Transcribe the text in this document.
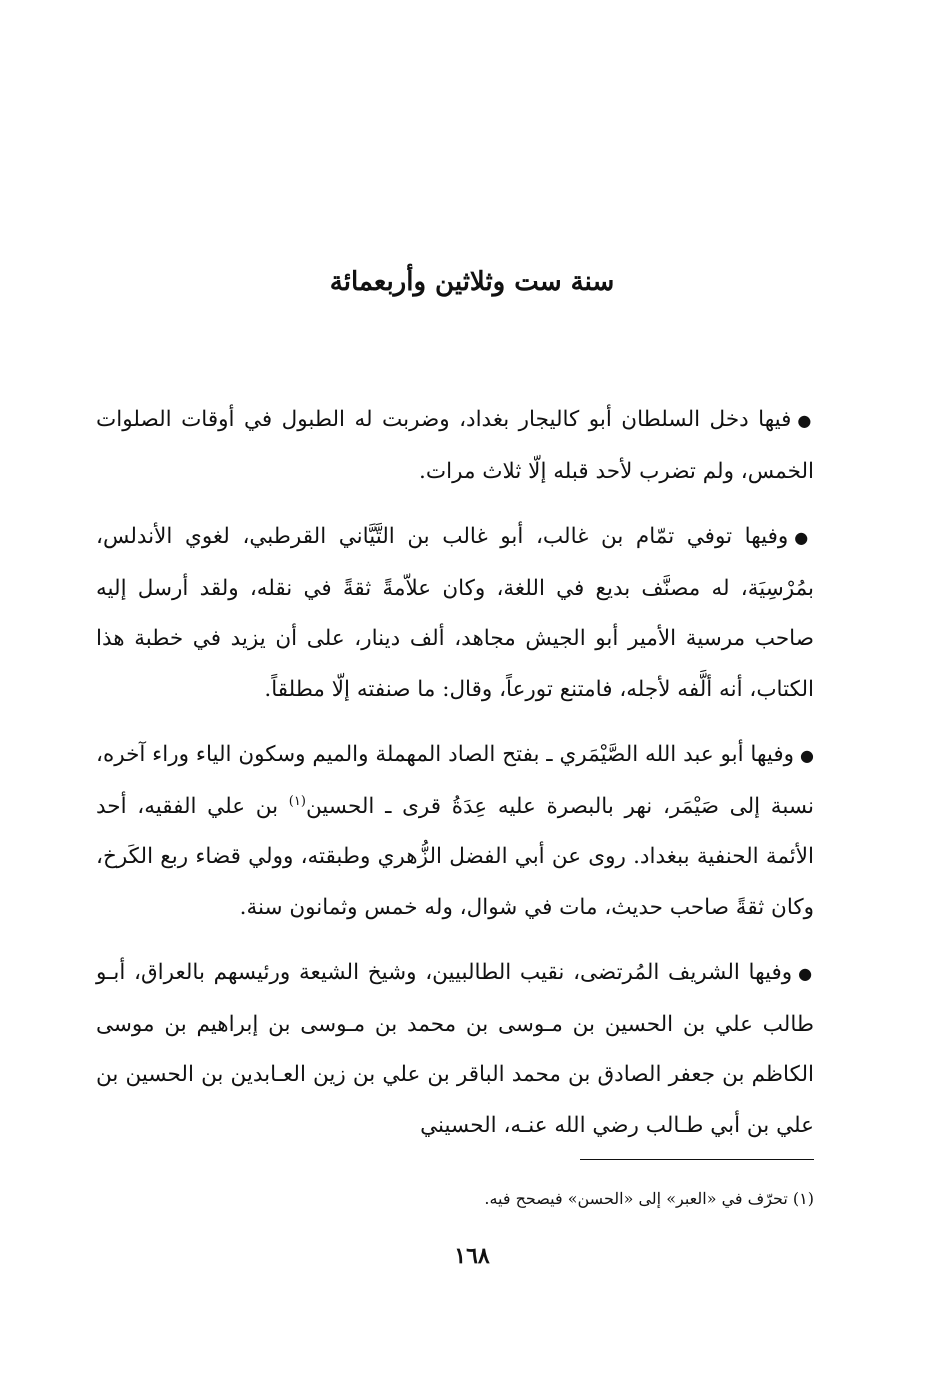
سنة ست وثلاثين وأربعمائة

●فيها دخل السلطان أبو كاليجار بغداد، وضربت له الطبول في أوقات الصلوات الخمس، ولم تضرب لأحد قبله إلّا ثلاث مرات.

●وفيها توفي تمّام بن غالب، أبو غالب بن التَّيَّاني القرطبي، لغوي الأندلس، بمُرْسِيَة، له مصنَّف بديع في اللغة، وكان علاّمةً ثقةً في نقله، ولقد أرسل إليه صاحب مرسية الأمير أبو الجيش مجاهد، ألف دينار، على أن يزيد في خطبة هذا الكتاب، أنه ألَّفه لأجله، فامتنع تورعاً، وقال: ما صنفته إلّا مطلقاً.

●وفيها أبو عبد الله الصَّيْمَري ـ بفتح الصاد المهملة والميم وسكون الياء وراء آخره، نسبة إلى صَيْمَر، نهر بالبصرة عليه عِدَةُ قرى ـ الحسين$^{(١)}$ بن علي الفقيه، أحد الأئمة الحنفية ببغداد. روى عن أبي الفضل الزُّهري وطبقته، وولي قضاء ربع الكَرخ، وكان ثقةً صاحب حديث، مات في شوال، وله خمس وثمانون سنة.

●وفيها الشريف المُرتضى، نقيب الطالبيين، وشيخ الشيعة ورئيسهم بالعراق، أبـو طالب علي بن الحسين بن مـوسى بن محمد بن مـوسى بن إبراهيم بن موسى الكاظم بن جعفر الصادق بن محمد الباقر بن علي بن زين العـابدين بن الحسين بن علي بن أبي طـالب رضي الله عنـه، الحسيني

(١) تحرّف في «العبر» إلى «الحسن» فيصحح فيه.
١٦٨
